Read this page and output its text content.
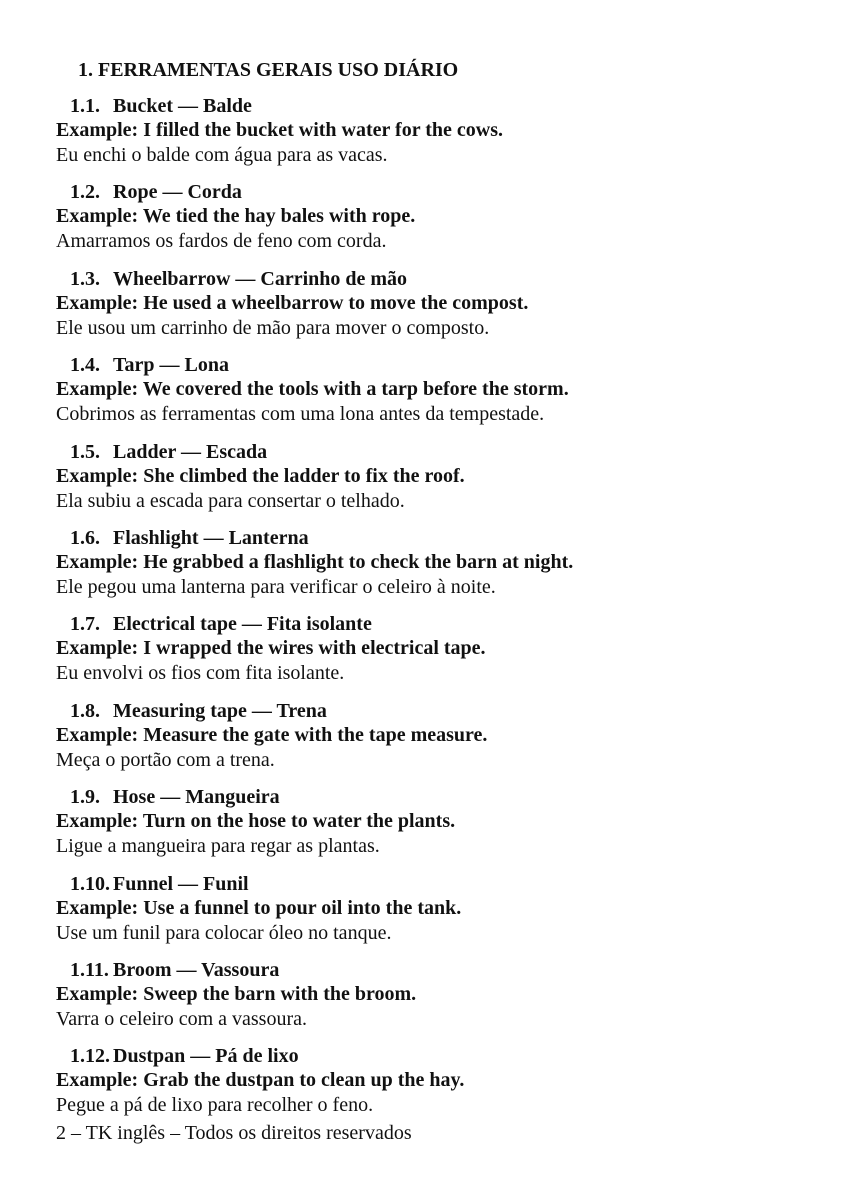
1. FERRAMENTAS GERAIS USO DIÁRIO
1.1. Bucket — Balde
Example: I filled the bucket with water for the cows.
Eu enchi o balde com água para as vacas.
1.2. Rope — Corda
Example: We tied the hay bales with rope.
Amarramos os fardos de feno com corda.
1.3. Wheelbarrow — Carrinho de mão
Example: He used a wheelbarrow to move the compost.
Ele usou um carrinho de mão para mover o composto.
1.4. Tarp — Lona
Example: We covered the tools with a tarp before the storm.
Cobrimos as ferramentas com uma lona antes da tempestade.
1.5. Ladder — Escada
Example: She climbed the ladder to fix the roof.
Ela subiu a escada para consertar o telhado.
1.6. Flashlight — Lanterna
Example: He grabbed a flashlight to check the barn at night.
Ele pegou uma lanterna para verificar o celeiro à noite.
1.7. Electrical tape — Fita isolante
Example: I wrapped the wires with electrical tape.
Eu envolvi os fios com fita isolante.
1.8. Measuring tape — Trena
Example: Measure the gate with the tape measure.
Meça o portão com a trena.
1.9. Hose — Mangueira
Example: Turn on the hose to water the plants.
Ligue a mangueira para regar as plantas.
1.10. Funnel — Funil
Example: Use a funnel to pour oil into the tank.
Use um funil para colocar óleo no tanque.
1.11. Broom — Vassoura
Example: Sweep the barn with the broom.
Varra o celeiro com a vassoura.
1.12. Dustpan — Pá de lixo
Example: Grab the dustpan to clean up the hay.
Pegue a pá de lixo para recolher o feno.
2 – TK inglês – Todos os direitos reservados
